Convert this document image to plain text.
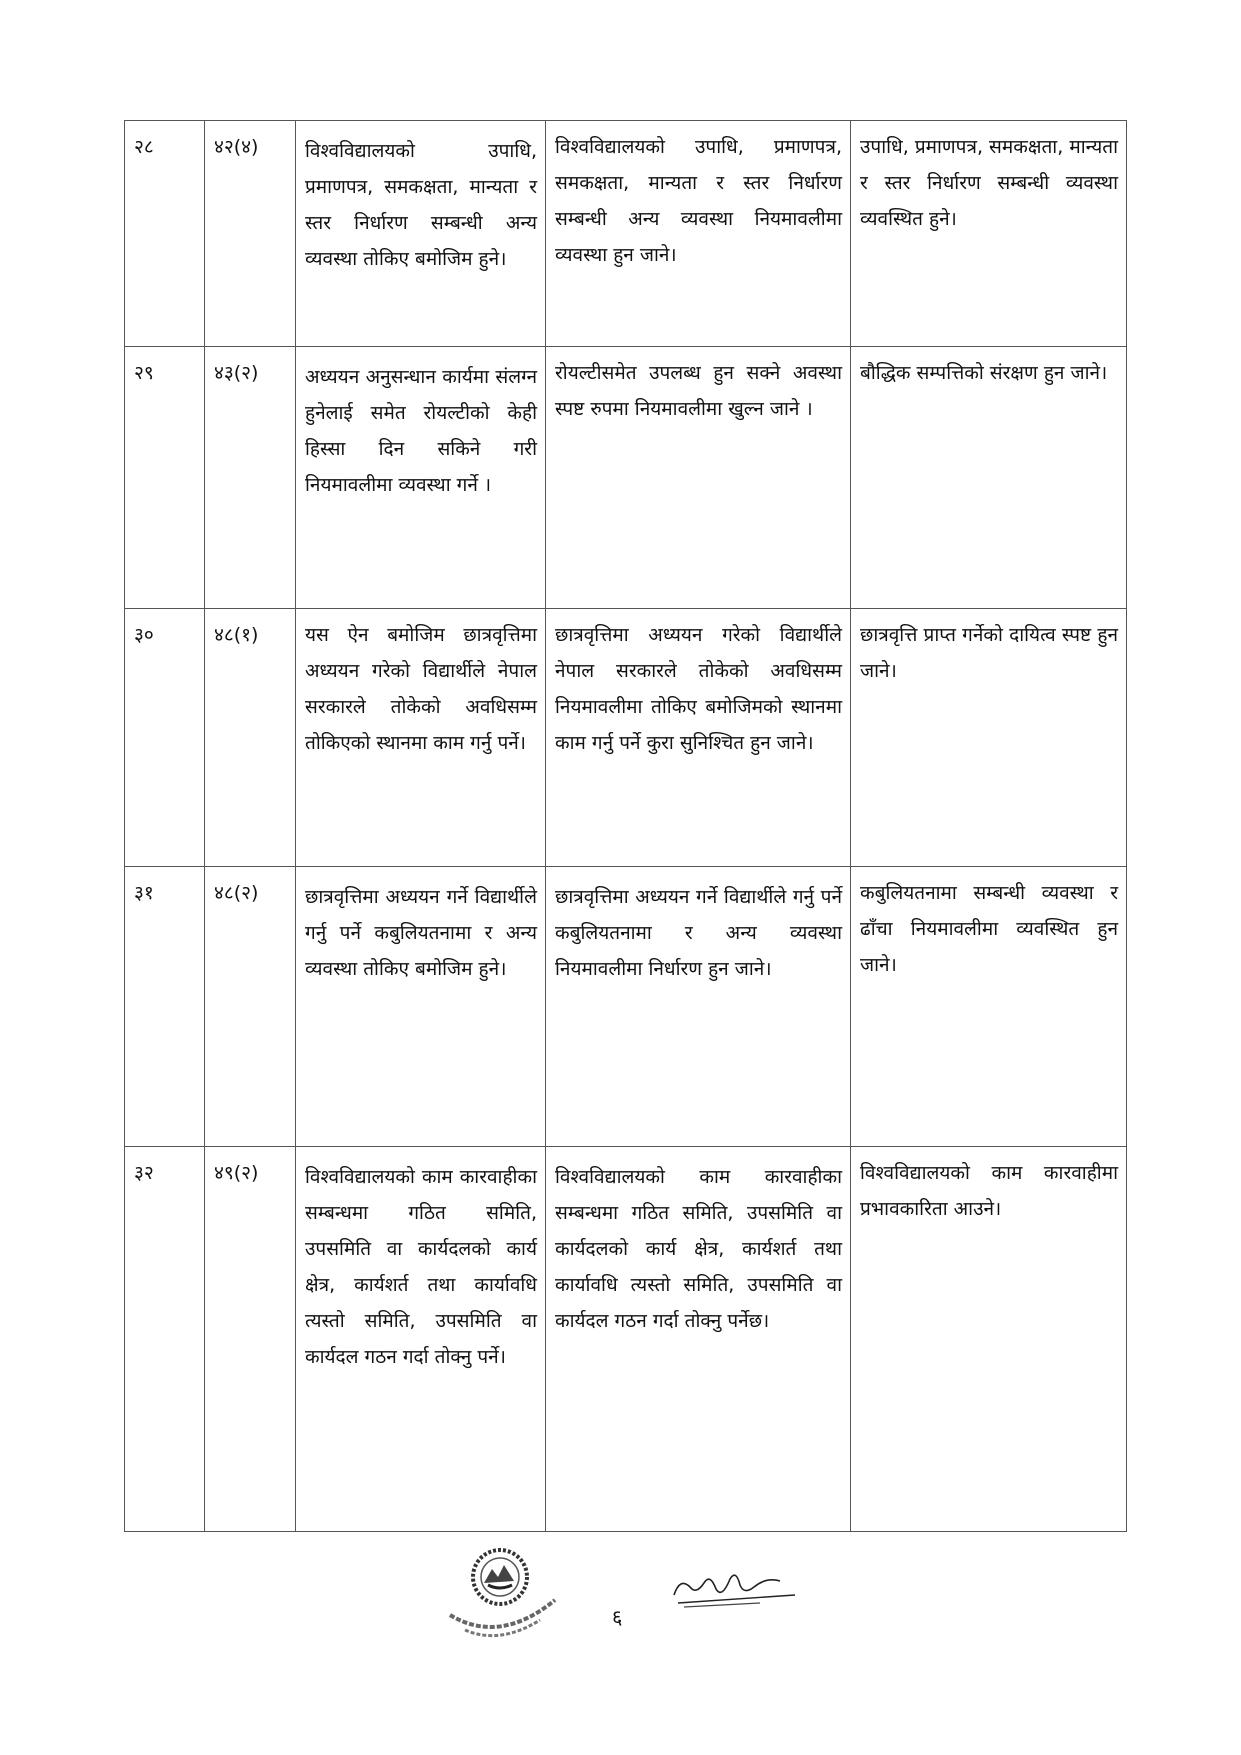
२८	४२(४)	विश्वविद्यालयको उपाधि, प्रमाणपत्र, समकक्षता, मान्यता र स्तर निर्धारण सम्बन्धी अन्य व्यवस्था तोकिए बमोजिम हुने।	विश्वविद्यालयको उपाधि, प्रमाणपत्र, समकक्षता, मान्यता र स्तर निर्धारण सम्बन्धी अन्य व्यवस्था नियमावलीमा व्यवस्था हुन जाने।	उपाधि, प्रमाणपत्र, समकक्षता, मान्यता र स्तर निर्धारण सम्बन्धी व्यवस्था व्यवस्थित हुने।
२९	४३(२)	अध्ययन अनुसन्धान कार्यमा संलग्न हुनेलाई समेत रोयल्टीको केही हिस्सा दिन सकिने गरी नियमावलीमा व्यवस्था गर्ने ।	रोयल्टीसमेत उपलब्ध हुन सक्ने अवस्था स्पष्ट रुपमा नियमावलीमा खुल्न जाने ।	बौद्धिक सम्पत्तिको संरक्षण हुन जाने।
३०	४८(१)	यस ऐन बमोजिम छात्रवृत्तिमा अध्ययन गरेको विद्यार्थीले नेपाल सरकारले तोकेको अवधिसम्म तोकिएको स्थानमा काम गर्नु पर्ने।	छात्रवृत्तिमा अध्ययन गरेको विद्यार्थीले नेपाल सरकारले तोकेको अवधिसम्म नियमावलीमा तोकिए बमोजिमको स्थानमा काम गर्नु पर्ने कुरा सुनिश्चित हुन जाने।	छात्रवृत्ति प्राप्त गर्नेको दायित्व स्पष्ट हुन जाने।
३१	४८(२)	छात्रवृत्तिमा अध्ययन गर्ने विद्यार्थीले गर्नु पर्ने कबुलियतनामा र अन्य व्यवस्था तोकिए बमोजिम हुने।	छात्रवृत्तिमा अध्ययन गर्ने विद्यार्थीले गर्नु पर्ने कबुलियतनामा र अन्य व्यवस्था नियमावलीमा निर्धारण हुन जाने।	कबुलियतनामा सम्बन्धी व्यवस्था र ढाँचा नियमावलीमा व्यवस्थित हुन जाने।
३२	४९(२)	विश्वविद्यालयको काम कारवाहीका सम्बन्धमा गठित समिति, उपसमिति वा कार्यदलको कार्य क्षेत्र, कार्यशर्त तथा कार्यावधि त्यस्तो समिति, उपसमिति वा कार्यदल गठन गर्दा तोक्नु पर्ने।	विश्वविद्यालयको काम कारवाहीका सम्बन्धमा गठित समिति, उपसमिति वा कार्यदलको कार्य क्षेत्र, कार्यशर्त तथा कार्यावधि त्यस्तो समिति, उपसमिति वा कार्यदल गठन गर्दा तोक्नु पर्नेछ।	विश्वविद्यालयको काम कारवाहीमा प्रभावकारिता आउने।
६
